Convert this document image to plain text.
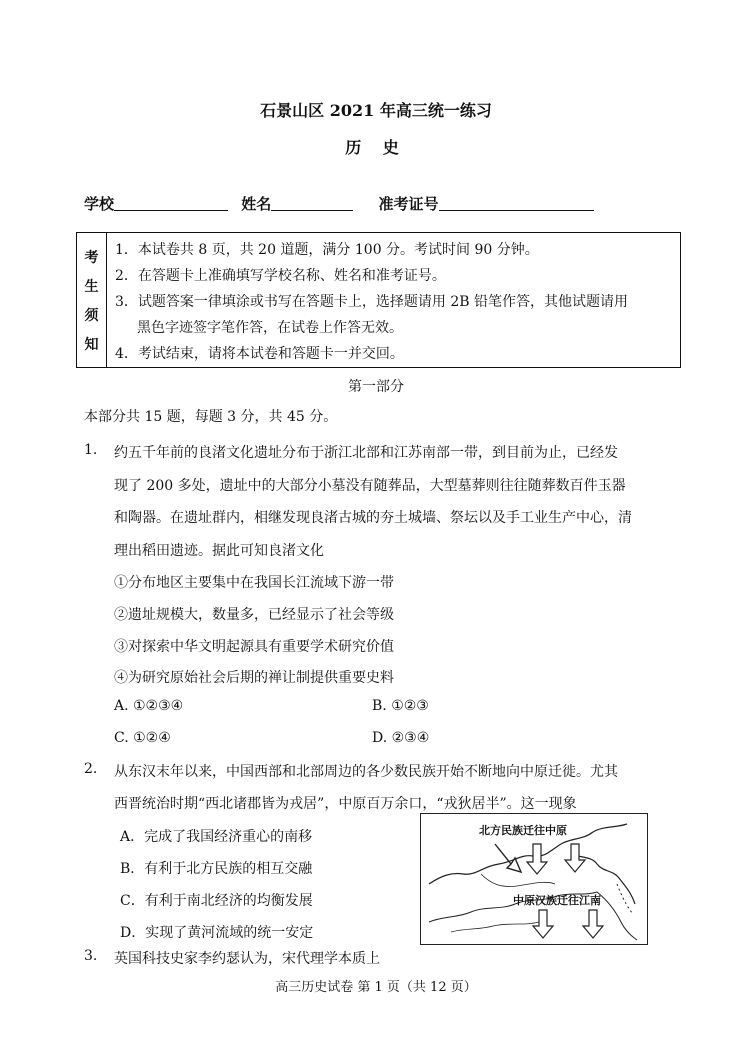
石景山区 2021 年高三统一练习
历 史
学校	姓名	准考证号
考
生
须
知
1．本试卷共 8 页，共 20 道题，满分 100 分。考试时间 90 分钟。
2．在答题卡上准确填写学校名称、姓名和准考证号。
3．试题答案一律填涂或书写在答题卡上，选择题请用 2B 铅笔作答，其他试题请用
黑色字迹签字笔作答，在试卷上作答无效。
4．考试结束，请将本试卷和答题卡一并交回。
第一部分
本部分共 15 题，每题 3 分，共 45 分。
1. 约五千年前的良渚文化遗址分布于浙江北部和江苏南部一带，到目前为止，已经发
现了 200 多处，遗址中的大部分小墓没有随葬品，大型墓葬则往往随葬数百件玉器
和陶器。在遗址群内，相继发现良渚古城的夯土城墙、祭坛以及手工业生产中心，清
理出稻田遗迹。据此可知良渚文化
①分布地区主要集中在我国长江流域下游一带
②遗址规模大，数量多，已经显示了社会等级
③对探索中华文明起源具有重要学术研究价值
④为研究原始社会后期的禅让制提供重要史料
A. ①②③④	B. ①②③
C. ①②④	D. ②③④
2. 从东汉末年以来，中国西部和北部周边的各少数民族开始不断地向中原迁徙。尤其
西晋统治时期“西北诸郡皆为戎居”，中原百万余口，“戎狄居半”。这一现象
A．完成了我国经济重心的南移
B．有利于北方民族的相互交融
C．有利于南北经济的均衡发展
D．实现了黄河流域的统一安定
北方民族迁往中原
中原汉族迁往江南
3. 英国科技史家李约瑟认为，宋代理学本质上
高三历史试卷 第 1 页（共 12 页）
